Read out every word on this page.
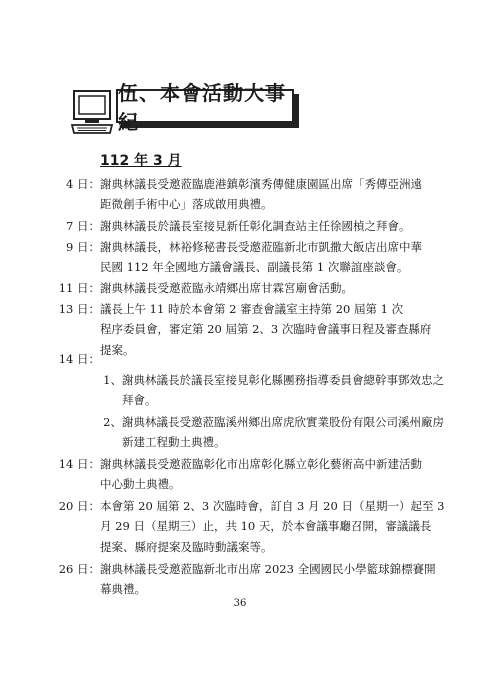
伍、本會活動大事紀
112 年 3 月
4 日： 謝典林議長受邀蒞臨鹿港鎮彰濱秀傳健康園區出席「秀傳亞洲遠
距微創手術中心」落成啟用典禮。
7 日： 謝典林議長於議長室接見新任彰化調查站主任徐國楨之拜會。
9 日： 謝典林議長，林裕修秘書長受邀蒞臨新北市凱撒大飯店出席中華
民國 112 年全國地方議會議長、副議長第 1 次聯誼座談會。
11 日： 謝典林議長受邀蒞臨永靖鄉出席甘霖宮廟會活動。
13 日： 議長上午 11 時於本會第 2 審查會議室主持第 20 屆第 1 次
程序委員會，審定第 20 屆第 2、3 次臨時會議事日程及審查縣府
提案。
14 日：
1、 謝典林議長於議長室接見彰化縣團務指導委員會總幹事鄧效忠之
拜會。
2、 謝典林議長受邀蒞臨溪州鄉出席虎欣實業股份有限公司溪州廠房
新建工程動土典禮。
14 日： 謝典林議長受邀蒞臨彰化市出席彰化縣立彰化藝術高中新建活動
中心動土典禮。
20 日： 本會第 20 屆第 2、3 次臨時會，訂自 3 月 20 日（星期一）起至 3
月 29 日（星期三）止，共 10 天，於本會議事廳召開，審議議長
提案、縣府提案及臨時動議案等。
26 日： 謝典林議長受邀蒞臨新北市出席 2023 全國國民小學籃球錦標賽開
幕典禮。
36
